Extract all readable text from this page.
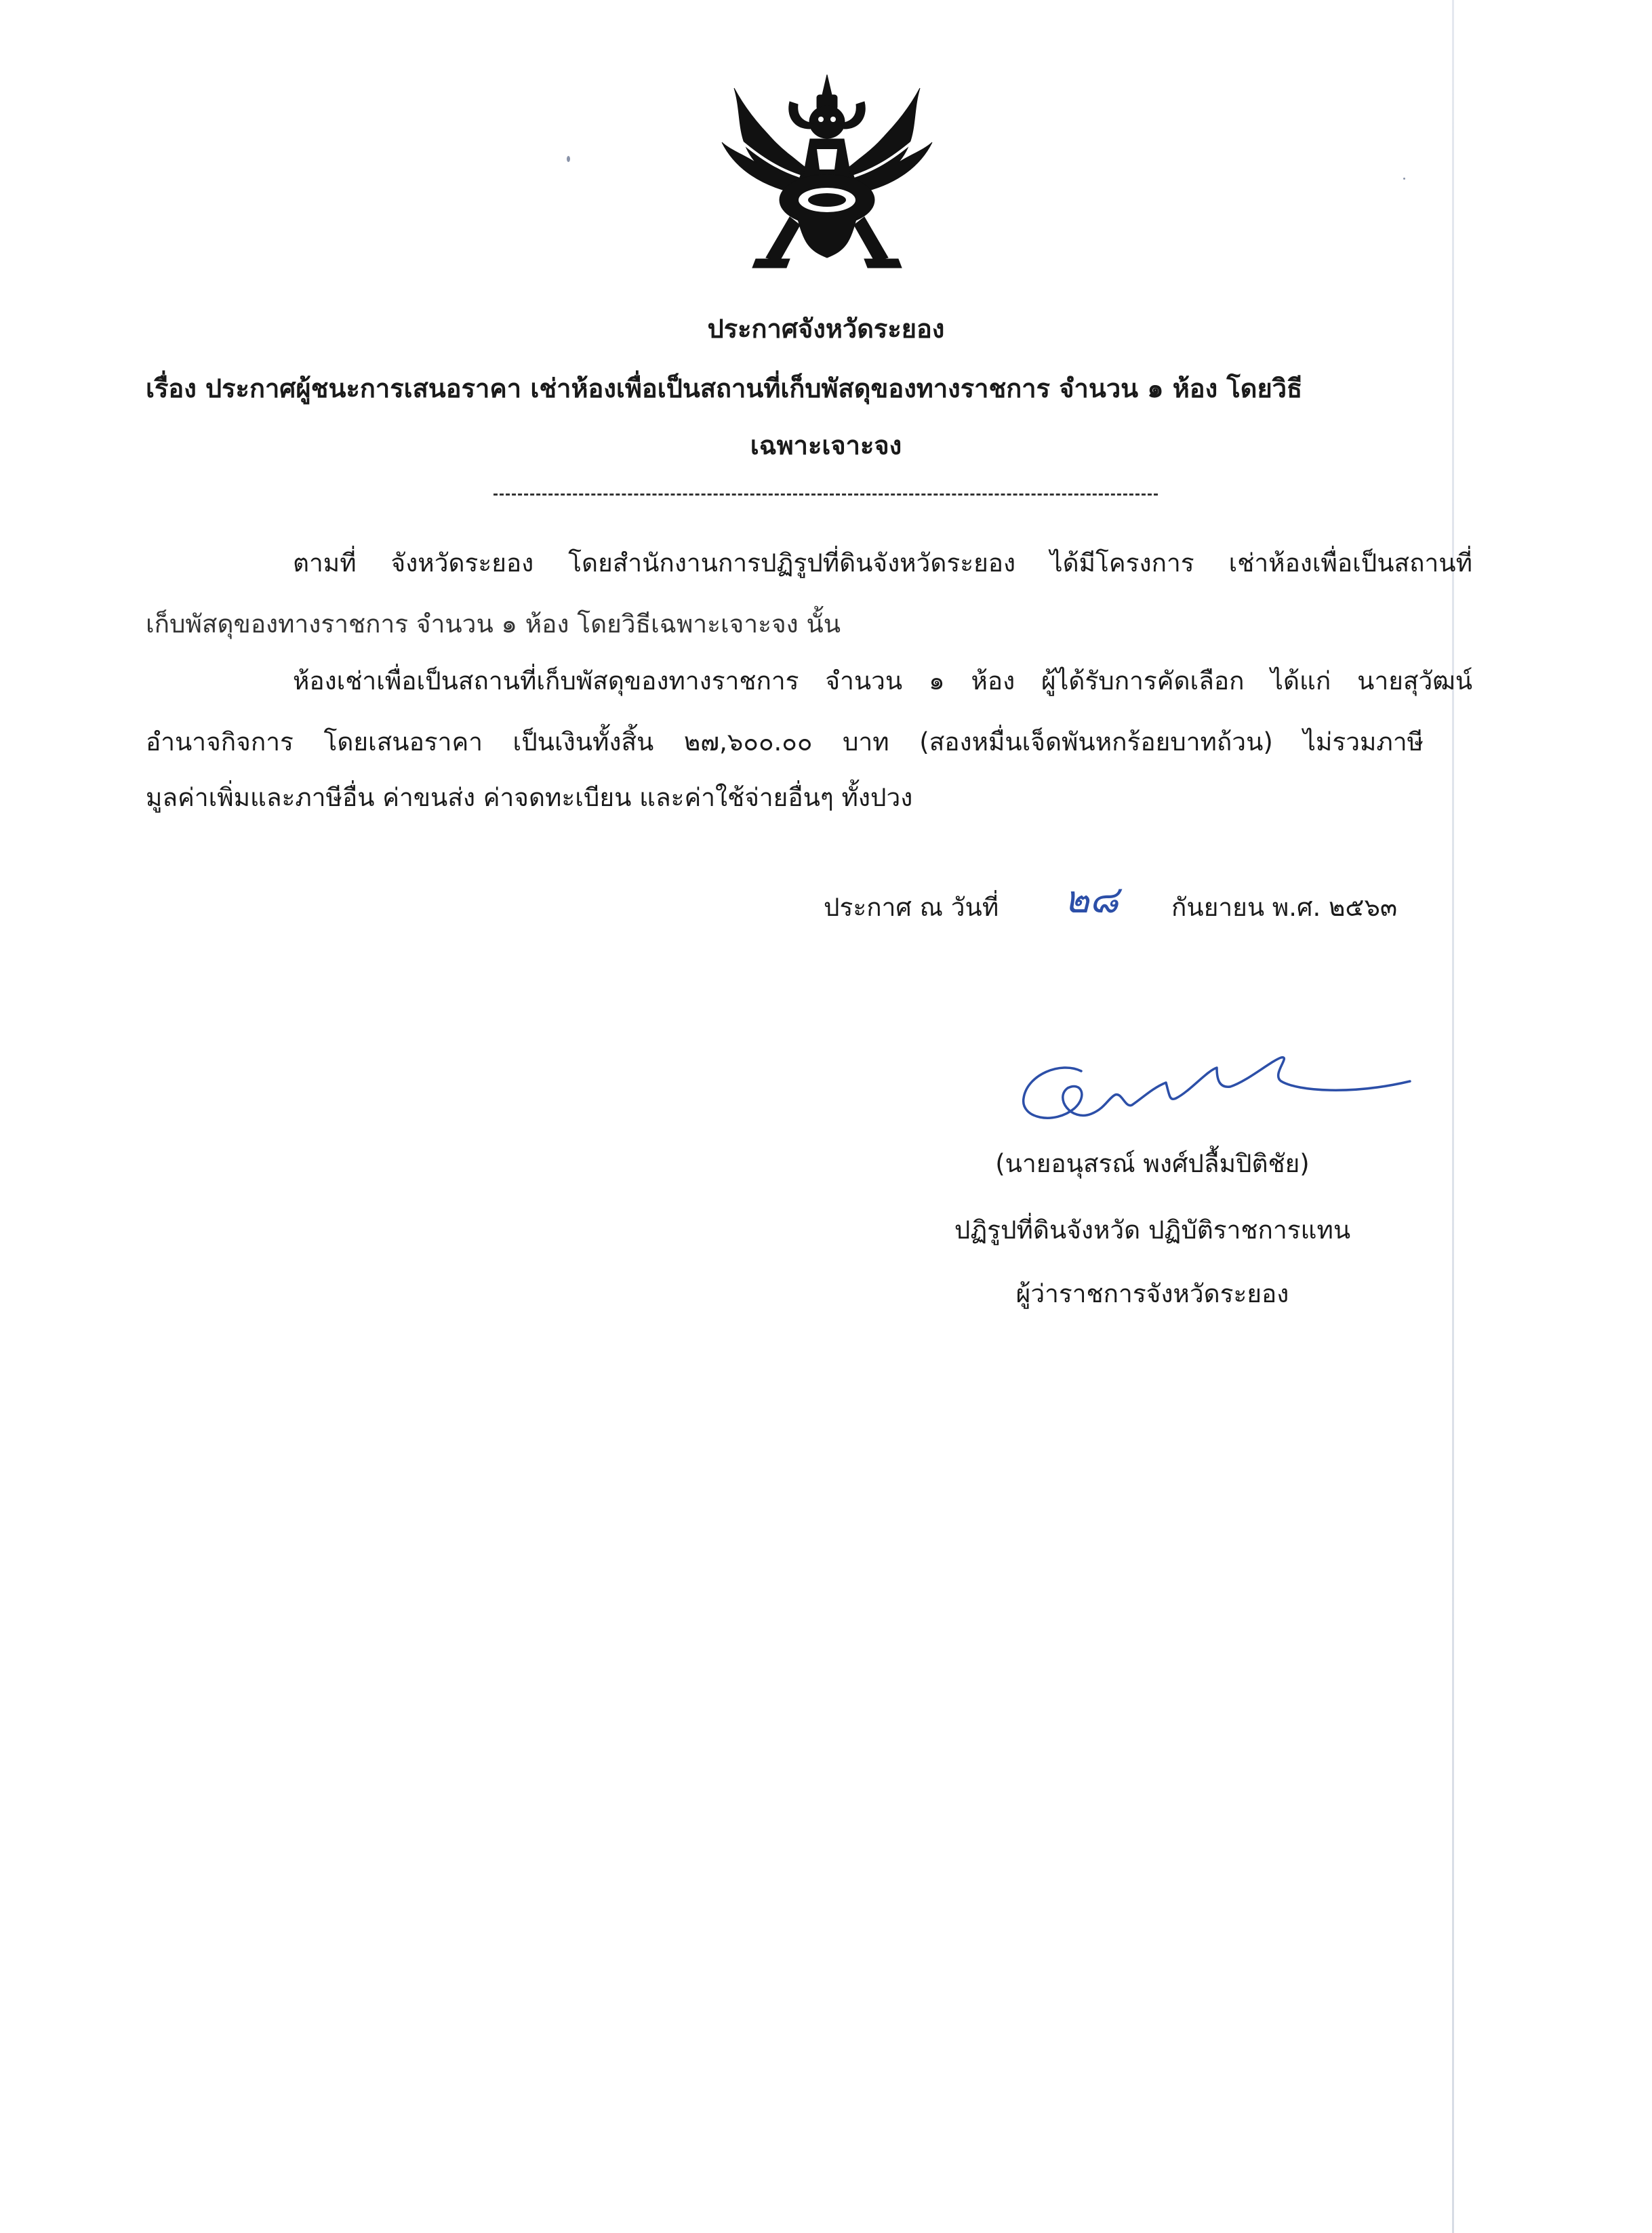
ประกาศจังหวัดระยอง
เรื่อง ประกาศผู้ชนะการเสนอราคา เช่าห้องเพื่อเป็นสถานที่เก็บพัสดุของทางราชการ จำนวน ๑ ห้อง โดยวิธี
เฉพาะเจาะจง
ตามที่ จังหวัดระยอง โดยสำนักงานการปฏิรูปที่ดินจังหวัดระยอง ได้มีโครงการ เช่าห้องเพื่อเป็นสถานที่
เก็บพัสดุของทางราชการ จำนวน ๑ ห้อง โดยวิธีเฉพาะเจาะจง นั้น
ห้องเช่าเพื่อเป็นสถานที่เก็บพัสดุของทางราชการ จำนวน ๑ ห้อง ผู้ได้รับการคัดเลือก ได้แก่ นายสุวัฒน์
อำนาจกิจการ โดยเสนอราคา เป็นเงินทั้งสิ้น ๒๗,๖๐๐.๐๐ บาท (สองหมื่นเจ็ดพันหกร้อยบาทถ้วน) ไม่รวมภาษี
มูลค่าเพิ่มและภาษีอื่น ค่าขนส่ง ค่าจดทะเบียน และค่าใช้จ่ายอื่นๆ ทั้งปวง
ประกาศ ณ วันที่ ๒๘ กันยายน พ.ศ. ๒๕๖๓
(นายอนุสรณ์ พงศ์ปลื้มปิติชัย)
ปฏิรูปที่ดินจังหวัด ปฏิบัติราชการแทน
ผู้ว่าราชการจังหวัดระยอง
